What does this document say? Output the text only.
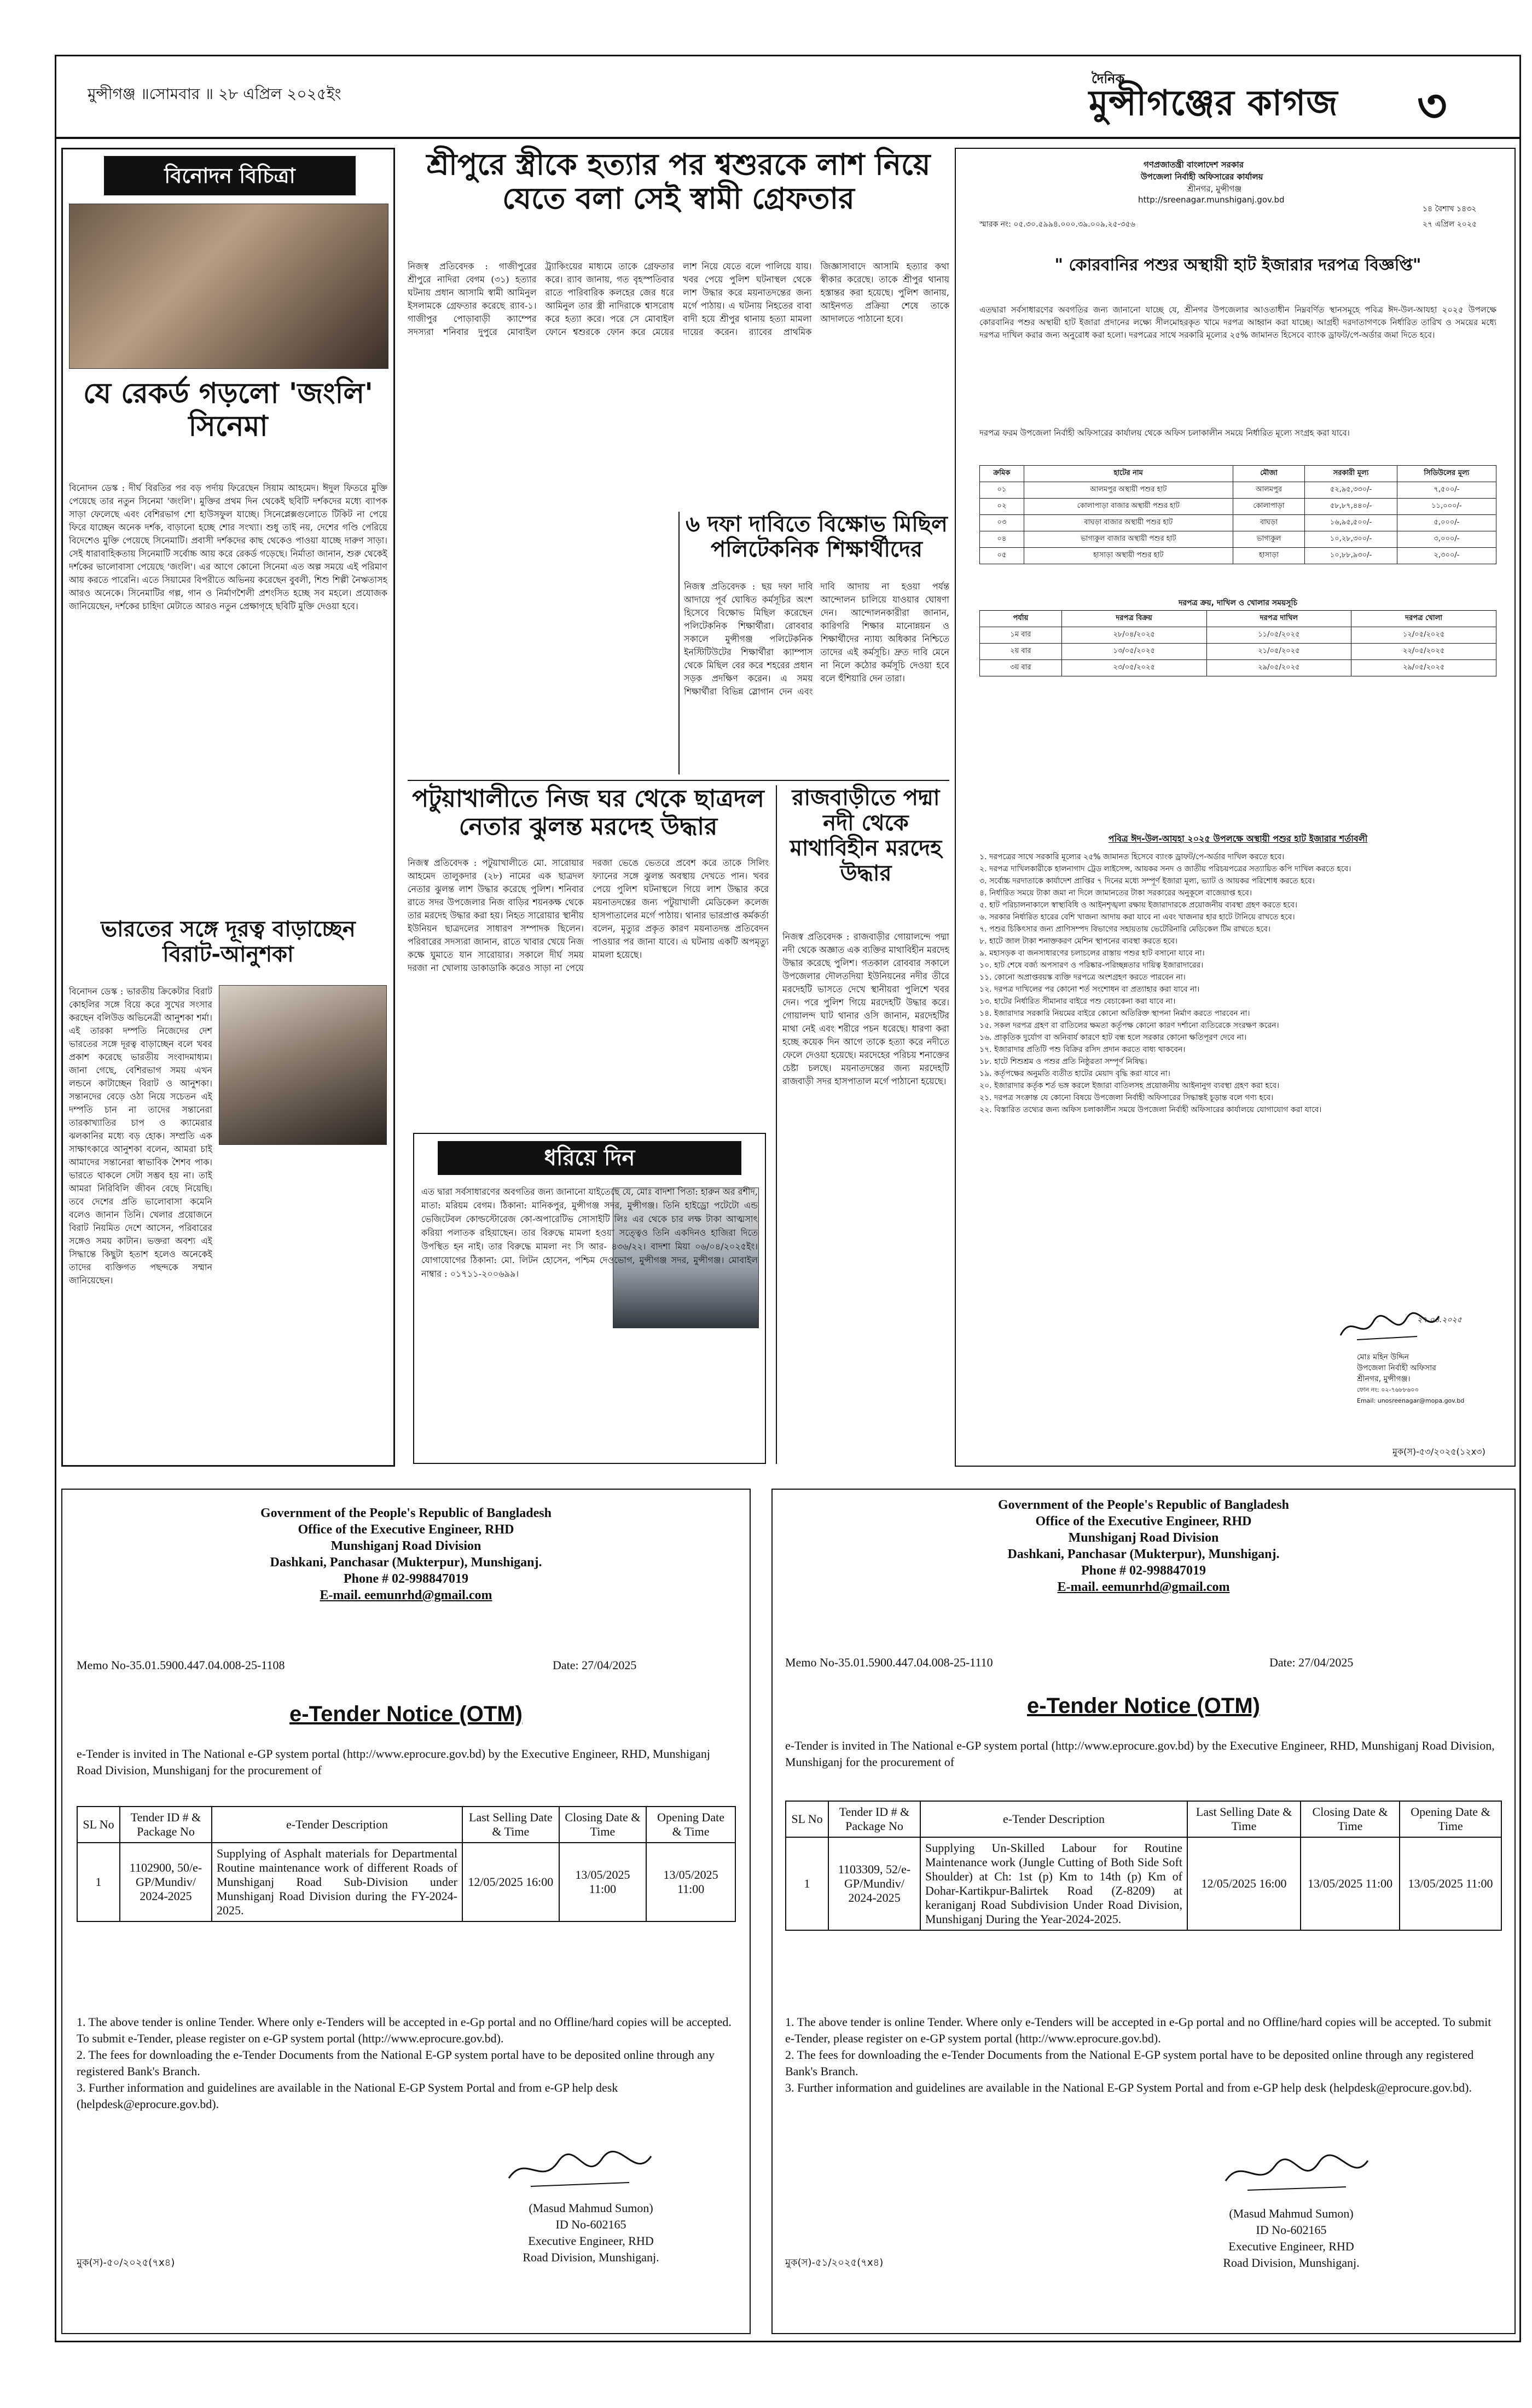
মুন্সীগঞ্জ ॥সোমবার ॥ ২৮ এপ্রিল ২০২৫ইং
দৈনিক
মুন্সীগঞ্জের কাগজ ৩
বিনোদন বিচিত্রা
যে রেকর্ড গড়লো 'জংলি' সিনেমা
বিনোদন ডেস্ক : দীর্ঘ বিরতির পর বড় পর্দায় ফিরেছেন সিয়াম আহমেদ। ঈদুল ফিতরে মুক্তি পেয়েছে তার নতুন সিনেমা 'জংলি'। মুক্তির প্রথম দিন থেকেই ছবিটি দর্শকদের মধ্যে ব্যাপক সাড়া ফেলেছে এবং বেশিরভাগ শো হাউসফুল যাচ্ছে। সিনেপ্লেক্সগুলোতে টিকিট না পেয়ে ফিরে যাচ্ছেন অনেক দর্শক, বাড়ানো হচ্ছে শোর সংখ্যা। শুধু তাই নয়, দেশের গণ্ডি পেরিয়ে বিদেশেও মুক্তি পেয়েছে সিনেমাটি। প্রবাসী দর্শকদের কাছ থেকেও পাওয়া যাচ্ছে দারুণ সাড়া। সেই ধারাবাহিকতায় সিনেমাটি সর্বোচ্চ আয় করে রেকর্ড গড়েছে। নির্মাতা জানান, শুরু থেকেই দর্শকের ভালোবাসা পেয়েছে 'জংলি'। এর আগে কোনো সিনেমা এত অল্প সময়ে এই পরিমাণ আয় করতে পারেনি। এতে সিয়ামের বিপরীতে অভিনয় করেছেন বুবলী, শিশু শিল্পী নৈঋতাসহ আরও অনেকে। সিনেমাটির গল্প, গান ও নির্মাণশৈলী প্রশংসিত হচ্ছে সব মহলে। প্রযোজক জানিয়েছেন, দর্শকের চাহিদা মেটাতে আরও নতুন প্রেক্ষাগৃহে ছবিটি মুক্তি দেওয়া হবে।
ভারতের সঙ্গে দূরত্ব বাড়াচ্ছেন বিরাট-আনুশকা
বিনোদন ডেস্ক : ভারতীয় ক্রিকেটার বিরাট কোহলির সঙ্গে বিয়ে করে সুখের সংসার করছেন বলিউড অভিনেত্রী আনুশকা শর্মা। এই তারকা দম্পতি নিজেদের দেশ ভারতের সঙ্গে দূরত্ব বাড়াচ্ছেন বলে খবর প্রকাশ করেছে ভারতীয় সংবাদমাধ্যম। জানা গেছে, বেশিরভাগ সময় এখন লন্ডনে কাটাচ্ছেন বিরাট ও আনুশকা। সন্তানদের বেড়ে ওঠা নিয়ে সচেতন এই দম্পতি চান না তাদের সন্তানেরা তারকাখ্যাতির চাপ ও ক্যামেরার ঝলকানির মধ্যে বড় হোক। সম্প্রতি এক সাক্ষাৎকারে আনুশকা বলেন, আমরা চাই আমাদের সন্তানেরা স্বাভাবিক শৈশব পাক। ভারতে থাকলে সেটা সম্ভব হয় না। তাই আমরা নিরিবিলি জীবন বেছে নিয়েছি। তবে দেশের প্রতি ভালোবাসা কমেনি বলেও জানান তিনি। খেলার প্রয়োজনে বিরাট নিয়মিত দেশে আসেন, পরিবারের সঙ্গেও সময় কাটান। ভক্তরা অবশ্য এই সিদ্ধান্তে কিছুটা হতাশ হলেও অনেকেই তাদের ব্যক্তিগত পছন্দকে সম্মান জানিয়েছেন।
শ্রীপুরে স্ত্রীকে হত্যার পর শ্বশুরকে লাশ নিয়ে যেতে বলা সেই স্বামী গ্রেফতার
নিজস্ব প্রতিবেদক : গাজীপুরের শ্রীপুরে নাদিরা বেগম (৩১) হত্যার ঘটনায় প্রধান আসামি স্বামী আমিনুল ইসলামকে গ্রেফতার করেছে র‍্যাব-১। গাজীপুর পোড়াবাড়ী ক্যাম্পের সদস্যরা শনিবার দুপুরে মোবাইল ট্র্যাকিংয়ের মাধ্যমে তাকে গ্রেফতার করে। র‍্যাব জানায়, গত বৃহস্পতিবার রাতে পারিবারিক কলহের জের ধরে আমিনুল তার স্ত্রী নাদিরাকে শ্বাসরোধ করে হত্যা করে। পরে সে মোবাইল ফোনে শ্বশুরকে ফোন করে মেয়ের লাশ নিয়ে যেতে বলে পালিয়ে যায়। খবর পেয়ে পুলিশ ঘটনাস্থল থেকে লাশ উদ্ধার করে ময়নাতদন্তের জন্য মর্গে পাঠায়। এ ঘটনায় নিহতের বাবা বাদী হয়ে শ্রীপুর থানায় হত্যা মামলা দায়ের করেন। র‍্যাবের প্রাথমিক জিজ্ঞাসাবাদে আসামি হত্যার কথা স্বীকার করেছে। তাকে শ্রীপুর থানায় হস্তান্তর করা হয়েছে। পুলিশ জানায়, আইনগত প্রক্রিয়া শেষে তাকে আদালতে পাঠানো হবে।
৬ দফা দাবিতে বিক্ষোভ মিছিল পলিটেকনিক শিক্ষার্থীদের
নিজস্ব প্রতিবেদক : ছয় দফা দাবি আদায়ে পূর্ব ঘোষিত কর্মসূচির অংশ হিসেবে বিক্ষোভ মিছিল করেছেন পলিটেকনিক শিক্ষার্থীরা। রোববার সকালে মুন্সীগঞ্জ পলিটেকনিক ইনস্টিটিউটের শিক্ষার্থীরা ক্যাম্পাস থেকে মিছিল বের করে শহরের প্রধান সড়ক প্রদক্ষিণ করেন। এ সময় শিক্ষার্থীরা বিভিন্ন স্লোগান দেন এবং দাবি আদায় না হওয়া পর্যন্ত আন্দোলন চালিয়ে যাওয়ার ঘোষণা দেন। আন্দোলনকারীরা জানান, কারিগরি শিক্ষার মানোন্নয়ন ও শিক্ষার্থীদের ন্যায্য অধিকার নিশ্চিতে তাদের এই কর্মসূচি। দ্রুত দাবি মেনে না নিলে কঠোর কর্মসূচি দেওয়া হবে বলে হুঁশিয়ারি দেন তারা।
পটুয়াখালীতে নিজ ঘর থেকে ছাত্রদল নেতার ঝুলন্ত মরদেহ উদ্ধার
নিজস্ব প্রতিবেদক : পটুয়াখালীতে মো. সারোয়ার আহমেদ তালুকদার (২৮) নামের এক ছাত্রদল নেতার ঝুলন্ত লাশ উদ্ধার করেছে পুলিশ। শনিবার রাতে সদর উপজেলার নিজ বাড়ির শয়নকক্ষ থেকে তার মরদেহ উদ্ধার করা হয়। নিহত সারোয়ার স্থানীয় ইউনিয়ন ছাত্রদলের সাধারণ সম্পাদক ছিলেন। পরিবারের সদস্যরা জানান, রাতে খাবার খেয়ে নিজ কক্ষে ঘুমাতে যান সারোয়ার। সকালে দীর্ঘ সময় দরজা না খোলায় ডাকাডাকি করেও সাড়া না পেয়ে দরজা ভেঙে ভেতরে প্রবেশ করে তাকে সিলিং ফ্যানের সঙ্গে ঝুলন্ত অবস্থায় দেখতে পান। খবর পেয়ে পুলিশ ঘটনাস্থলে গিয়ে লাশ উদ্ধার করে ময়নাতদন্তের জন্য পটুয়াখালী মেডিকেল কলেজ হাসপাতালের মর্গে পাঠায়। থানার ভারপ্রাপ্ত কর্মকর্তা বলেন, মৃত্যুর প্রকৃত কারণ ময়নাতদন্ত প্রতিবেদন পাওয়ার পর জানা যাবে। এ ঘটনায় একটি অপমৃত্যু মামলা হয়েছে।
রাজবাড়ীতে পদ্মা নদী থেকে মাথাবিহীন মরদেহ উদ্ধার
নিজস্ব প্রতিবেদক : রাজবাড়ীর গোয়ালন্দে পদ্মা নদী থেকে অজ্ঞাত এক ব্যক্তির মাথাবিহীন মরদেহ উদ্ধার করেছে পুলিশ। গতকাল রোববার সকালে উপজেলার দৌলতদিয়া ইউনিয়নের নদীর তীরে মরদেহটি ভাসতে দেখে স্থানীয়রা পুলিশে খবর দেন। পরে পুলিশ গিয়ে মরদেহটি উদ্ধার করে। গোয়ালন্দ ঘাট থানার ওসি জানান, মরদেহটির মাথা নেই এবং শরীরে পচন ধরেছে। ধারণা করা হচ্ছে কয়েক দিন আগে তাকে হত্যা করে নদীতে ফেলে দেওয়া হয়েছে। মরদেহের পরিচয় শনাক্তের চেষ্টা চলছে। ময়নাতদন্তের জন্য মরদেহটি রাজবাড়ী সদর হাসপাতাল মর্গে পাঠানো হয়েছে।
ধরিয়ে দিন
এত দ্বারা সর্বসাধারণের অবগতির জন্য জানানো যাইতেছে যে, মোঃ বাদশা পিতা: হারুন অর রশীদ, মাতা: মরিয়ম বেগম। ঠিকানা: মানিকপুর, মুন্সীগঞ্জ সদর, মুন্সীগঞ্জ। তিনি হাইড্রো পটেটো এন্ড ভেজিটেবল কোল্ডস্টোরেজ কো-অপারেটিভ সোসাইটি লিঃ এর থেকে চার লক্ষ টাকা আত্মসাৎ করিয়া পলাতক রহিয়াছেন। তার বিরুদ্ধে মামলা হওয়া সত্ত্বেও তিনি একদিনও হাজিরা দিতে উপস্থিত হন নাই। তার বিরুদ্ধে মামলা নং সি আর- ৪৩৬/২২। বাদশা মিয়া ০৬/০৪/২০২৫ইং। যোগাযোগের ঠিকানা: মো. লিটন হোসেন, পশ্চিম দেওভোগ, মুন্সীগঞ্জ সদর, মুন্সীগঞ্জ। মোবাইল নাম্বার : ০১৭১১-২০০৬৯৯।
গণপ্রজাতন্ত্রী বাংলাদেশ সরকার
উপজেলা নির্বাহী অফিসারের কার্যালয়
শ্রীনগর, মুন্সীগঞ্জ
http://sreenagar.munshiganj.gov.bd
১৪ বৈশাখ ১৪৩২
স্মারক নং: ০৫.৩০.৫৯৯৪.০০০.৩৯.০০৯.২৫-৩৫৬	২৭ এপ্রিল ২০২৫
" কোরবানির পশুর অস্থায়ী হাট ইজারার দরপত্র বিজ্ঞপ্তি"
এতদ্বারা সর্বসাধারণের অবগতির জন্য জানানো যাচ্ছে যে, শ্রীনগর উপজেলার আওতাধীন নিম্নবর্ণিত স্থানসমূহে পবিত্র ঈদ-উল-আযহা ২০২৫ উপলক্ষে কোরবানির পশুর অস্থায়ী হাট ইজারা প্রদানের লক্ষ্যে সীলমোহরকৃত খামে দরপত্র আহ্বান করা যাচ্ছে। আগ্রহী দরদাতাগণকে নির্ধারিত তারিখ ও সময়ের মধ্যে দরপত্র দাখিল করার জন্য অনুরোধ করা হলো। দরপত্রের সাথে সরকারি মূল্যের ২৫% জামানত হিসেবে ব্যাংক ড্রাফট/পে-অর্ডার জমা দিতে হবে।
দরপত্র ফরম উপজেলা নির্বাহী অফিসারের কার্যালয় থেকে অফিস চলাকালীন সময়ে নির্ধারিত মূল্যে সংগ্রহ করা যাবে।
ক্রমিক	হাটের নাম	মৌজা	সরকারী মূল্য	সিডিউলের মূল্য
০১	আলমপুর অস্থায়ী পশুর হাট	আলমপুর	৫২,৯৫,৩৩০/-	৭,৫০০/-
০২	কোলাপাড়া বাজার অস্থায়ী পশুর হাট	কোলাপাড়া	৫৮,৮৭,৪৪০/-	১১,০০০/-
০৩	বাঘড়া বাজার অস্থায়ী পশুর হাট	বাঘড়া	১৬,৯৫,৫০০/-	৫,০০০/-
০৪	ভাগ্যকুল বাজার অস্থায়ী পশুর হাট	ভাগ্যকুল	১০,২৮,৩০০/-	৩,০০০/-
০৫	হাসাড়া অস্থায়ী পশুর হাট	হাসাড়া	১০,৮৮,৯৩০/-	২,৩০০/-
দরপত্র ক্রয়, দাখিল ও খোলার সময়সূচি
পর্যায়	দরপত্র বিক্রয়	দরপত্র দাখিল	দরপত্র খোলা
১ম বার	২৮/০৪/২০২৫	১১/০৫/২০২৫	১২/০৫/২০২৫
২য় বার	১৩/০৫/২০২৫	২১/০৫/২০২৫	২২/০৫/২০২৫
৩য় বার	২৩/০৫/২০২৫	২৯/০৫/২০২৫	২৯/০৫/২০২৫
পবিত্র ঈদ-উল-আযহা ২০২৫ উপলক্ষে অস্থায়ী পশুর হাট ইজারার শর্তাবলী
১. দরপত্রের সাথে সরকারি মূল্যের ২৫% জামানত হিসেবে ব্যাংক ড্রাফট/পে-অর্ডার দাখিল করতে হবে।
২. দরপত্র দাখিলকারীকে হালনাগাদ ট্রেড লাইসেন্স, আয়কর সনদ ও জাতীয় পরিচয়পত্রের সত্যায়িত কপি দাখিল করতে হবে।
৩. সর্বোচ্চ দরদাতাকে কার্যাদেশ প্রাপ্তির ৭ দিনের মধ্যে সম্পূর্ণ ইজারা মূল্য, ভ্যাট ও আয়কর পরিশোধ করতে হবে।
৪. নির্ধারিত সময়ে টাকা জমা না দিলে জামানতের টাকা সরকারের অনুকূলে বাজেয়াপ্ত হবে।
৫. হাট পরিচালনাকালে স্বাস্থ্যবিধি ও আইনশৃঙ্খলা রক্ষায় ইজারাদারকে প্রয়োজনীয় ব্যবস্থা গ্রহণ করতে হবে।
৬. সরকার নির্ধারিত হারের বেশি খাজনা আদায় করা যাবে না এবং খাজনার হার হাটে টানিয়ে রাখতে হবে।
৭. পশুর চিকিৎসার জন্য প্রাণিসম্পদ বিভাগের সহায়তায় ভেটেরিনারি মেডিকেল টিম রাখতে হবে।
৮. হাটে জাল টাকা শনাক্তকরণ মেশিন স্থাপনের ব্যবস্থা করতে হবে।
৯. মহাসড়ক বা জনসাধারণের চলাচলের রাস্তায় পশুর হাট বসানো যাবে না।
১০. হাট শেষে বর্জ্য অপসারণ ও পরিষ্কার-পরিচ্ছন্নতার দায়িত্ব ইজারাদারের।
১১. কোনো অপ্রাপ্তবয়স্ক ব্যক্তি দরপত্রে অংশগ্রহণ করতে পারবেন না।
১২. দরপত্র দাখিলের পর কোনো শর্ত সংশোধন বা প্রত্যাহার করা যাবে না।
১৩. হাটের নির্ধারিত সীমানার বাইরে পশু বেচাকেনা করা যাবে না।
১৪. ইজারাদার সরকারি নিয়মের বাইরে কোনো অতিরিক্ত স্থাপনা নির্মাণ করতে পারবেন না।
১৫. সকল দরপত্র গ্রহণ বা বাতিলের ক্ষমতা কর্তৃপক্ষ কোনো কারণ দর্শানো ব্যতিরেকে সংরক্ষণ করেন।
১৬. প্রাকৃতিক দুর্যোগ বা অনিবার্য কারণে হাট বন্ধ হলে সরকার কোনো ক্ষতিপূরণ দেবে না।
১৭. ইজারাদার প্রতিটি পশু বিক্রির রসিদ প্রদান করতে বাধ্য থাকবেন।
১৮. হাটে শিশুশ্রম ও পশুর প্রতি নিষ্ঠুরতা সম্পূর্ণ নিষিদ্ধ।
১৯. কর্তৃপক্ষের অনুমতি ব্যতীত হাটের মেয়াদ বৃদ্ধি করা যাবে না।
২০. ইজারাদার কর্তৃক শর্ত ভঙ্গ করলে ইজারা বাতিলসহ প্রয়োজনীয় আইনানুগ ব্যবস্থা গ্রহণ করা হবে।
২১. দরপত্র সংক্রান্ত যে কোনো বিষয়ে উপজেলা নির্বাহী অফিসারের সিদ্ধান্তই চূড়ান্ত বলে গণ্য হবে।
২২. বিস্তারিত তথ্যের জন্য অফিস চলাকালীন সময়ে উপজেলা নির্বাহী অফিসারের কার্যালয়ে যোগাযোগ করা যাবে।
২৭.০৪.২০২৫
মোঃ মহিন উদ্দিন
উপজেলা নির্বাহী অফিসার
শ্রীনগর, মুন্সীগঞ্জ।
ফোন নং: ০২-৭৬৮৮৬০৩
Email: unosreenagar@mopa.gov.bd
মুক(স)-৫৩/২০২৫(১২x৩)
Government of the People's Republic of Bangladesh
Office of the Executive Engineer, RHD
Munshiganj Road Division
Dashkani, Panchasar (Mukterpur), Munshiganj.
Phone # 02-998847019
E-mail. eemunrhd@gmail.com
Memo No-35.01.5900.447.04.008-25-1108	Date: 27/04/2025
e-Tender Notice (OTM)
e-Tender is invited in The National e-GP system portal (http://www.eprocure.gov.bd) by the Executive Engineer, RHD, Munshiganj Road Division, Munshiganj for the procurement of
SL No	Tender ID # & Package No	e-Tender Description	Last Selling Date & Time	Closing Date & Time	Opening Date & Time
1	1102900, 50/e-GP/Mundiv/ 2024-2025	Supplying of Asphalt materials for Departmental Routine maintenance work of different Roads of Munshiganj Road Sub-Division under Munshiganj Road Division during the FY-2024-2025.	12/05/2025 16:00	13/05/2025 11:00	13/05/2025 11:00
1. The above tender is online Tender. Where only e-Tenders will be accepted in e-Gp portal and no Offline/hard copies will be accepted. To submit e-Tender, please register on e-GP system portal (http://www.eprocure.gov.bd).
2. The fees for downloading the e-Tender Documents from the National E-GP system portal have to be deposited online through any registered Bank's Branch.
3. Further information and guidelines are available in the National E-GP System Portal and from e-GP help desk (helpdesk@eprocure.gov.bd).
(Masud Mahmud Sumon)
ID No-602165
Executive Engineer, RHD
Road Division, Munshiganj.
মুক(স)-৫০/২০২৫(৭x৪)
Government of the People's Republic of Bangladesh
Office of the Executive Engineer, RHD
Munshiganj Road Division
Dashkani, Panchasar (Mukterpur), Munshiganj.
Phone # 02-998847019
E-mail. eemunrhd@gmail.com
Memo No-35.01.5900.447.04.008-25-1110	Date: 27/04/2025
e-Tender Notice (OTM)
e-Tender is invited in The National e-GP system portal (http://www.eprocure.gov.bd) by the Executive Engineer, RHD, Munshiganj Road Division, Munshiganj for the procurement of
SL No	Tender ID # & Package No	e-Tender Description	Last Selling Date & Time	Closing Date & Time	Opening Date & Time
1	1103309, 52/e-GP/Mundiv/ 2024-2025	Supplying Un-Skilled Labour for Routine Maintenance work (Jungle Cutting of Both Side Soft Shoulder) at Ch: 1st (p) Km to 14th (p) Km of Dohar-Kartikpur-Balirtek Road (Z-8209) at keraniganj Road Subdivision Under Road Division, Munshiganj During the Year-2024-2025.	12/05/2025 16:00	13/05/2025 11:00	13/05/2025 11:00
1. The above tender is online Tender. Where only e-Tenders will be accepted in e-Gp portal and no Offline/hard copies will be accepted. To submit e-Tender, please register on e-GP system portal (http://www.eprocure.gov.bd).
2. The fees for downloading the e-Tender Documents from the National E-GP system portal have to be deposited online through any registered Bank's Branch.
3. Further information and guidelines are available in the National E-GP System Portal and from e-GP help desk (helpdesk@eprocure.gov.bd).
(Masud Mahmud Sumon)
ID No-602165
Executive Engineer, RHD
Road Division, Munshiganj.
মুক(স)-৫১/২০২৫(৭x৪)
